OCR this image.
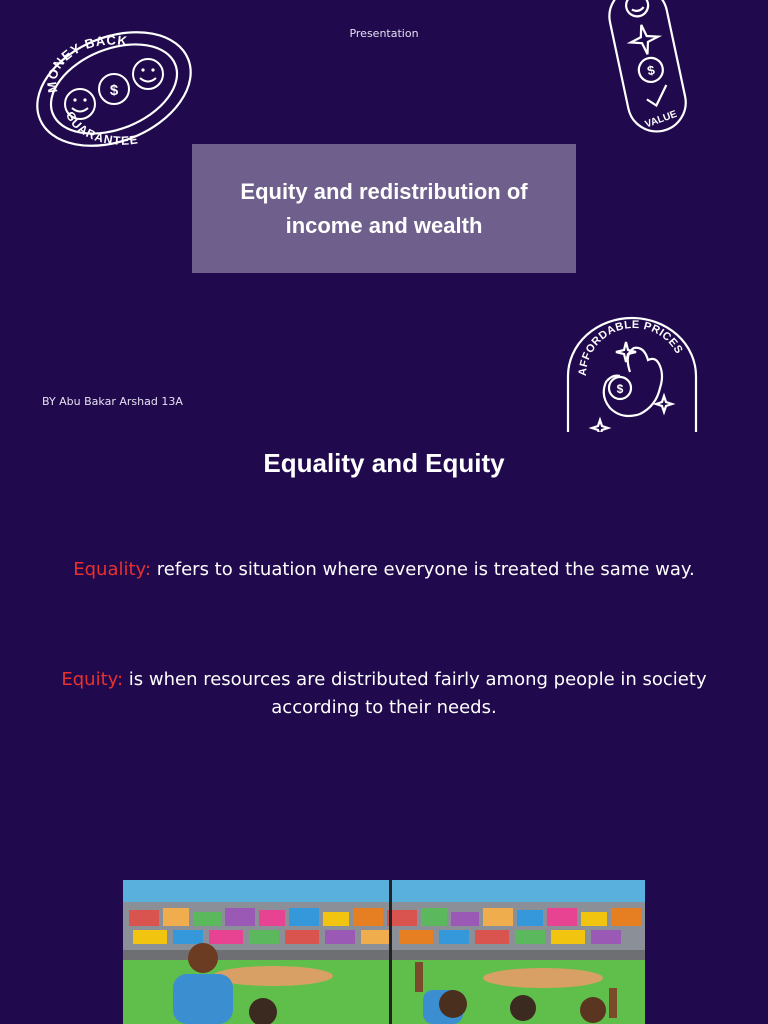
Presentation
$
MONEY BACK
GUARANTEE
$
VALUE
Equity and redistribution of income and wealth
$
AFFORDABLE PRICES
BY Abu Bakar Arshad 13A
Equality and Equity

Equality: refers to situation where everyone is treated the same way.

Equity: is when resources are distributed fairly among people in society according to their needs.
